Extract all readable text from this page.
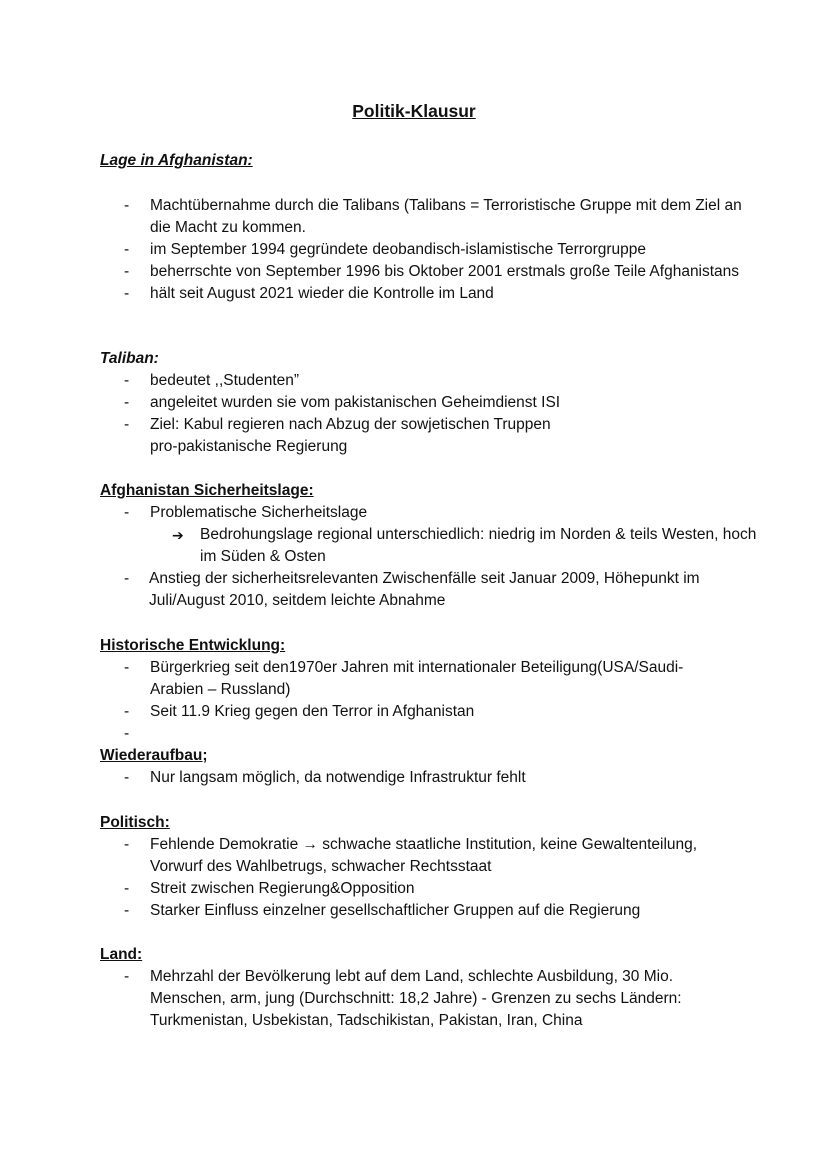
Politik-Klausur
Lage in Afghanistan:
- Machtübernahme durch die Talibans (Talibans = Terroristische Gruppe mit dem Ziel an die Macht zu kommen.
- im September 1994 gegründete deobandisch-islamistische Terrorgruppe
- beherrschte von September 1996 bis Oktober 2001 erstmals große Teile Afghanistans
- hält seit August 2021 wieder die Kontrolle im Land
Taliban:
- bedeutet ,,Studenten”
- angeleitet wurden sie vom pakistanischen Geheimdienst ISI
- Ziel: Kabul regieren nach Abzug der sowjetischen Truppen
pro-pakistanische Regierung
Afghanistan Sicherheitslage:
- Problematische Sicherheitslage
➔ Bedrohungslage regional unterschiedlich: niedrig im Norden & teils Westen, hoch im Süden & Osten
- Anstieg der sicherheitsrelevanten Zwischenfälle seit Januar 2009, Höhepunkt im Juli/August 2010, seitdem leichte Abnahme
Historische Entwicklung:
- Bürgerkrieg seit den1970er Jahren mit internationaler Beteiligung(USA/Saudi-Arabien – Russland)
- Seit 11.9 Krieg gegen den Terror in Afghanistan
-

Wiederaufbau;
- Nur langsam möglich, da notwendige Infrastruktur fehlt
Politisch:
- Fehlende Demokratie → schwache staatliche Institution, keine Gewaltenteilung, Vorwurf des Wahlbetrugs, schwacher Rechtsstaat
- Streit zwischen Regierung&Opposition
- Starker Einfluss einzelner gesellschaftlicher Gruppen auf die Regierung
Land:
- Mehrzahl der Bevölkerung lebt auf dem Land, schlechte Ausbildung, 30 Mio. Menschen, arm, jung (Durchschnitt: 18,2 Jahre) - Grenzen zu sechs Ländern: Turkmenistan, Usbekistan, Tadschikistan, Pakistan, Iran, China
